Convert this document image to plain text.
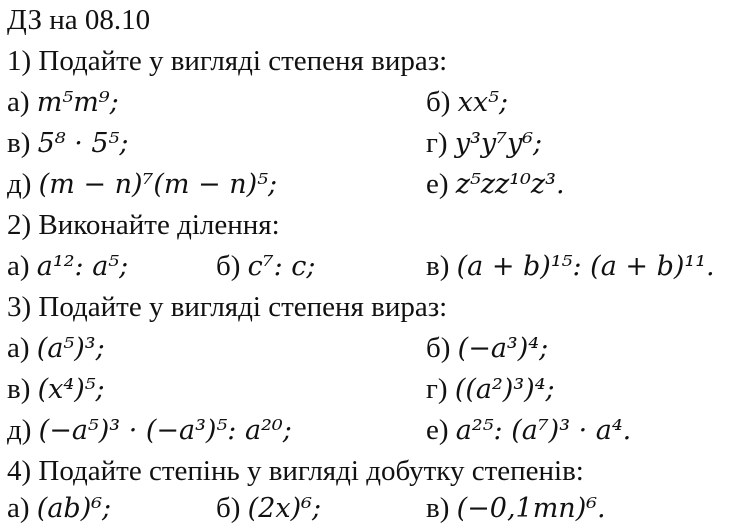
ДЗ на 08.10
1) Подайте у вигляді степеня вираз:
а) m⁵m⁹;	б) xx⁵;
в) 5⁸ · 5⁵;	г) y³y⁷y⁶;
д) (m − n)⁷(m − n)⁵;	е) z⁵zz¹⁰z³.
2) Виконайте ділення:
а) a¹²: a⁵;	б) c⁷: c;	в) (a + b)¹⁵: (a + b)¹¹.
3) Подайте у вигляді степеня вираз:
а) (a⁵)³;	б) (−a³)⁴;
в) (x⁴)⁵;	г) ((a²)³)⁴;
д) (−a⁵)³ · (−a³)⁵: a²⁰;	е) a²⁵: (a⁷)³ · a⁴.
4) Подайте степінь у вигляді добутку степенів:
а) (ab)⁶;	б) (2x)⁶;	в) (−0,1mn)⁶.
